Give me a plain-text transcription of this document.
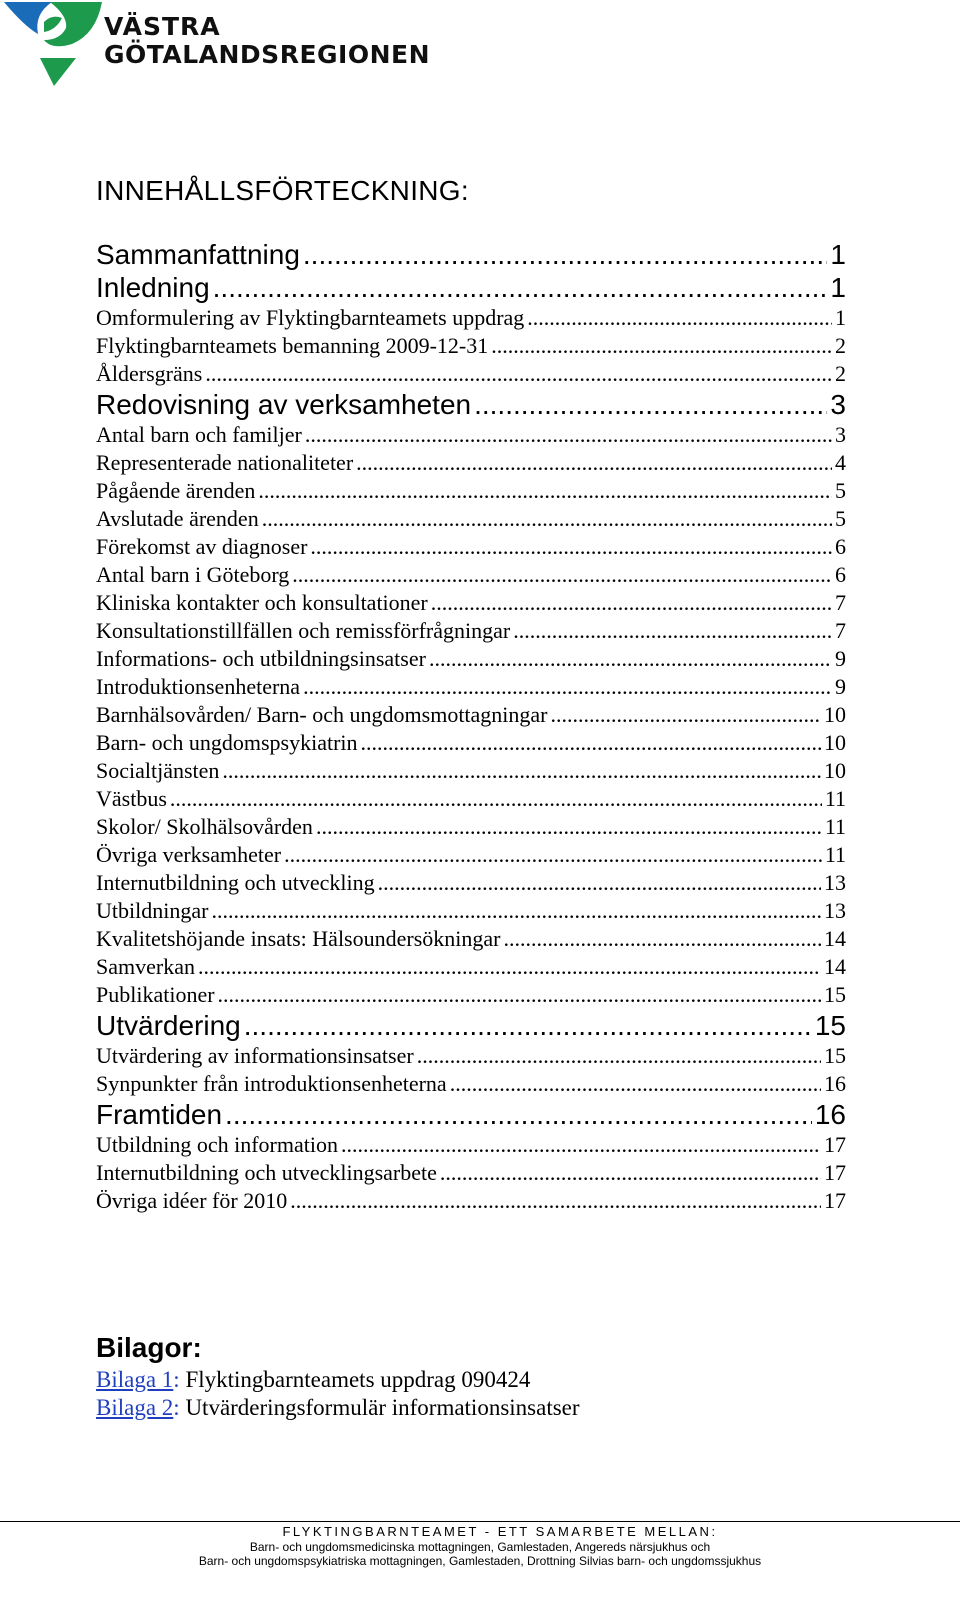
VÄSTRA
GÖTALANDSREGIONEN
INNEHÅLLSFÖRTECKNING:
Sammanfattning .....	1
Inledning .....	1
Omformulering av Flyktingbarnteamets uppdrag .....	1
Flyktingbarnteamets bemanning 2009-12-31 .....	2
Åldersgräns .....	2
Redovisning av verksamheten .....	3
Antal barn och familjer .....	3
Representerade nationaliteter .....	4
Pågående ärenden .....	5
Avslutade ärenden .....	5
Förekomst av diagnoser .....	6
Antal barn i Göteborg .....	6
Kliniska kontakter och konsultationer .....	7
Konsultationstillfällen och remissförfrågningar .....	7
Informations- och utbildningsinsatser .....	9
Introduktionsenheterna .....	9
Barnhälsovården/ Barn- och ungdomsmottagningar .....	10
Barn- och ungdomspsykiatrin .....	10
Socialtjänsten .....	10
Västbus .....	11
Skolor/ Skolhälsovården .....	11
Övriga verksamheter .....	11
Internutbildning och utveckling .....	13
Utbildningar .....	13
Kvalitetshöjande insats: Hälsoundersökningar .....	14
Samverkan .....	14
Publikationer .....	15
Utvärdering .....	15
Utvärdering av informationsinsatser .....	15
Synpunkter från introduktionsenheterna .....	16
Framtiden .....	16
Utbildning och information .....	17
Internutbildning och utvecklingsarbete .....	17
Övriga idéer för 2010 .....	17
Bilagor:
Bilaga 1: Flyktingbarnteamets uppdrag 090424
Bilaga 2: Utvärderingsformulär informationsinsatser
FLYKTINGBARNTEAMET - ETT SAMARBETE MELLAN:
Barn- och ungdomsmedicinska mottagningen, Gamlestaden, Angereds närsjukhus och
Barn- och ungdomspsykiatriska mottagningen, Gamlestaden, Drottning Silvias barn- och ungdomssjukhus
